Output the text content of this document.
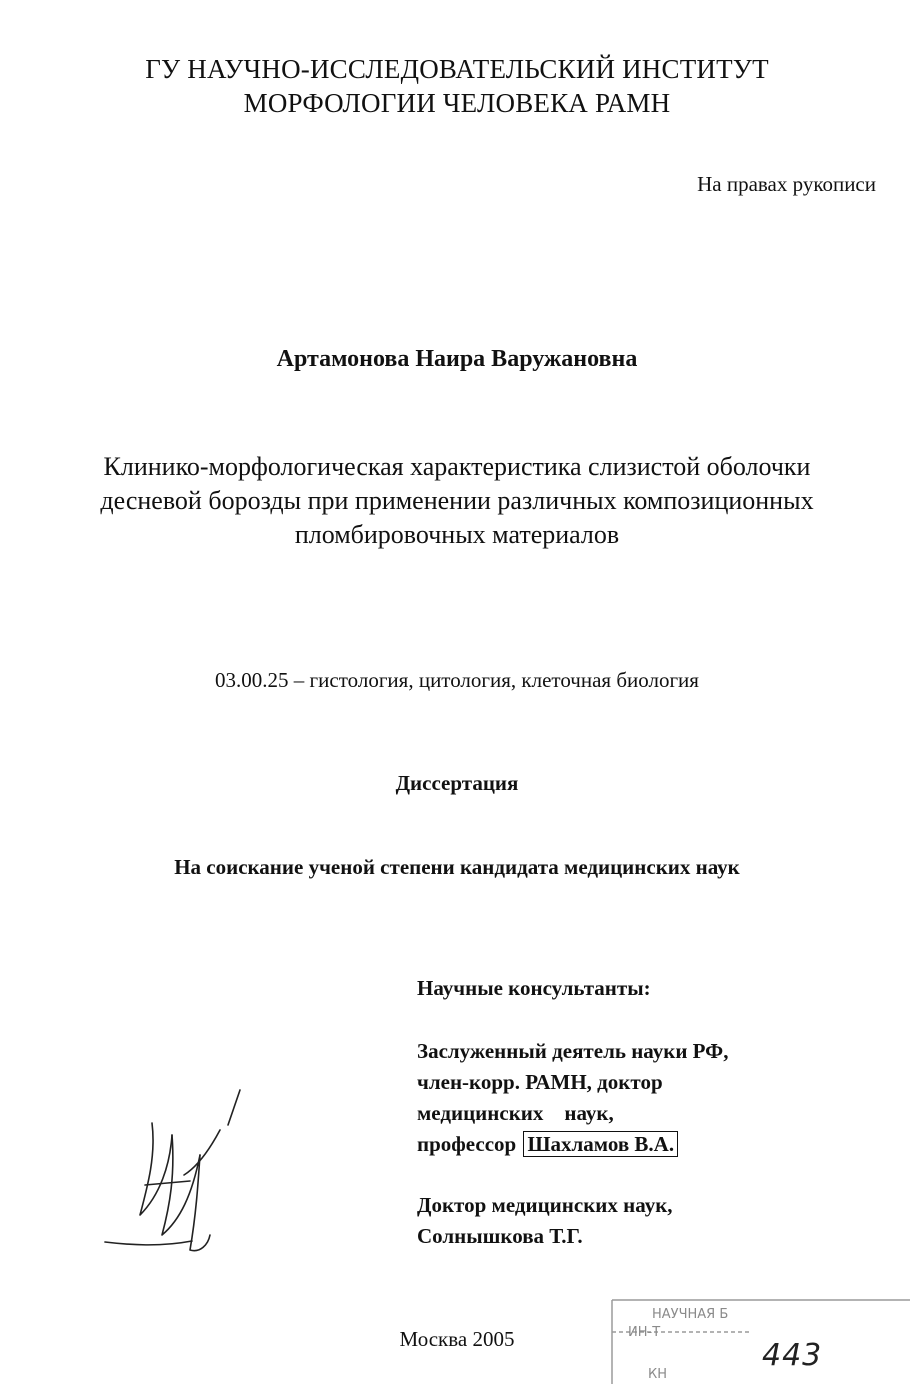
ГУ НАУЧНО-ИССЛЕДОВАТЕЛЬСКИЙ ИНСТИТУТ
МОРФОЛОГИИ ЧЕЛОВЕКА РАМН
На правах рукописи
Артамонова Наира Варужановна
Клинико-морфологическая характеристика слизистой оболочки
десневой борозды при применении различных композиционных
пломбировочных материалов
03.00.25 – гистология, цитология, клеточная биология
Диссертация
На соискание ученой степени кандидата медицинских наук
Научные консультанты:
Заслуженный деятель науки РФ,
член-корр. РАМН, доктор
медицинских    наук,
профессор Шахламов В.А.
Доктор медицинских наук,
Солнышкова Т.Г.
НАУЧНАЯ Б
ИН-Т
КН
443
Москва 2005
